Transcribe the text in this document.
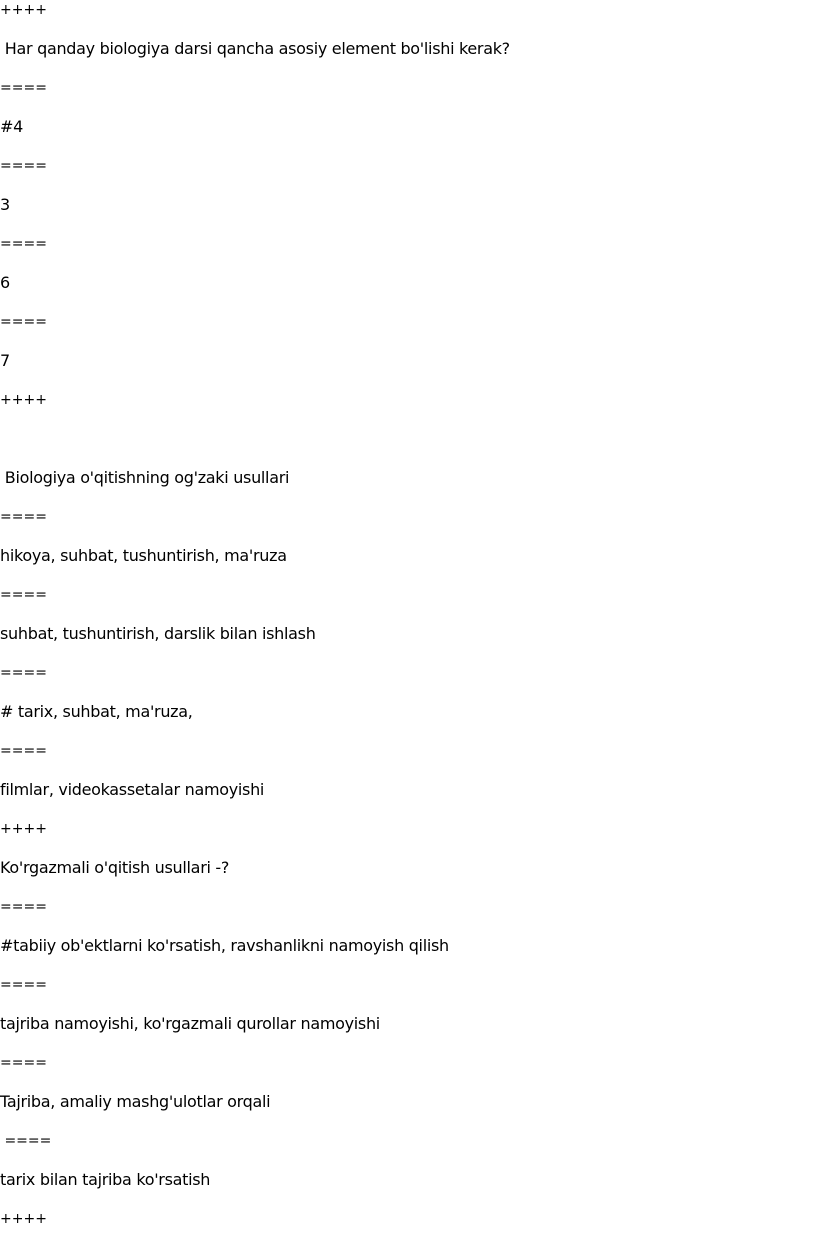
++++
Har qanday biologiya darsi qancha asosiy element bo'lishi kerak?
====
#4
====
3
====
6
====
7
++++
Biologiya o'qitishning og'zaki usullari
====
hikoya, suhbat, tushuntirish, ma'ruza
====
suhbat, tushuntirish, darslik bilan ishlash
====
# tarix, suhbat, ma'ruza,
====
filmlar, videokassetalar namoyishi
++++
Ko'rgazmali o'qitish usullari -?
====
#tabiiy ob'ektlarni ko'rsatish, ravshanlikni namoyish qilish
====
tajriba namoyishi, ko'rgazmali qurollar namoyishi
====
Tajriba, amaliy mashg'ulotlar orqali
====
tarix bilan tajriba ko'rsatish
++++
